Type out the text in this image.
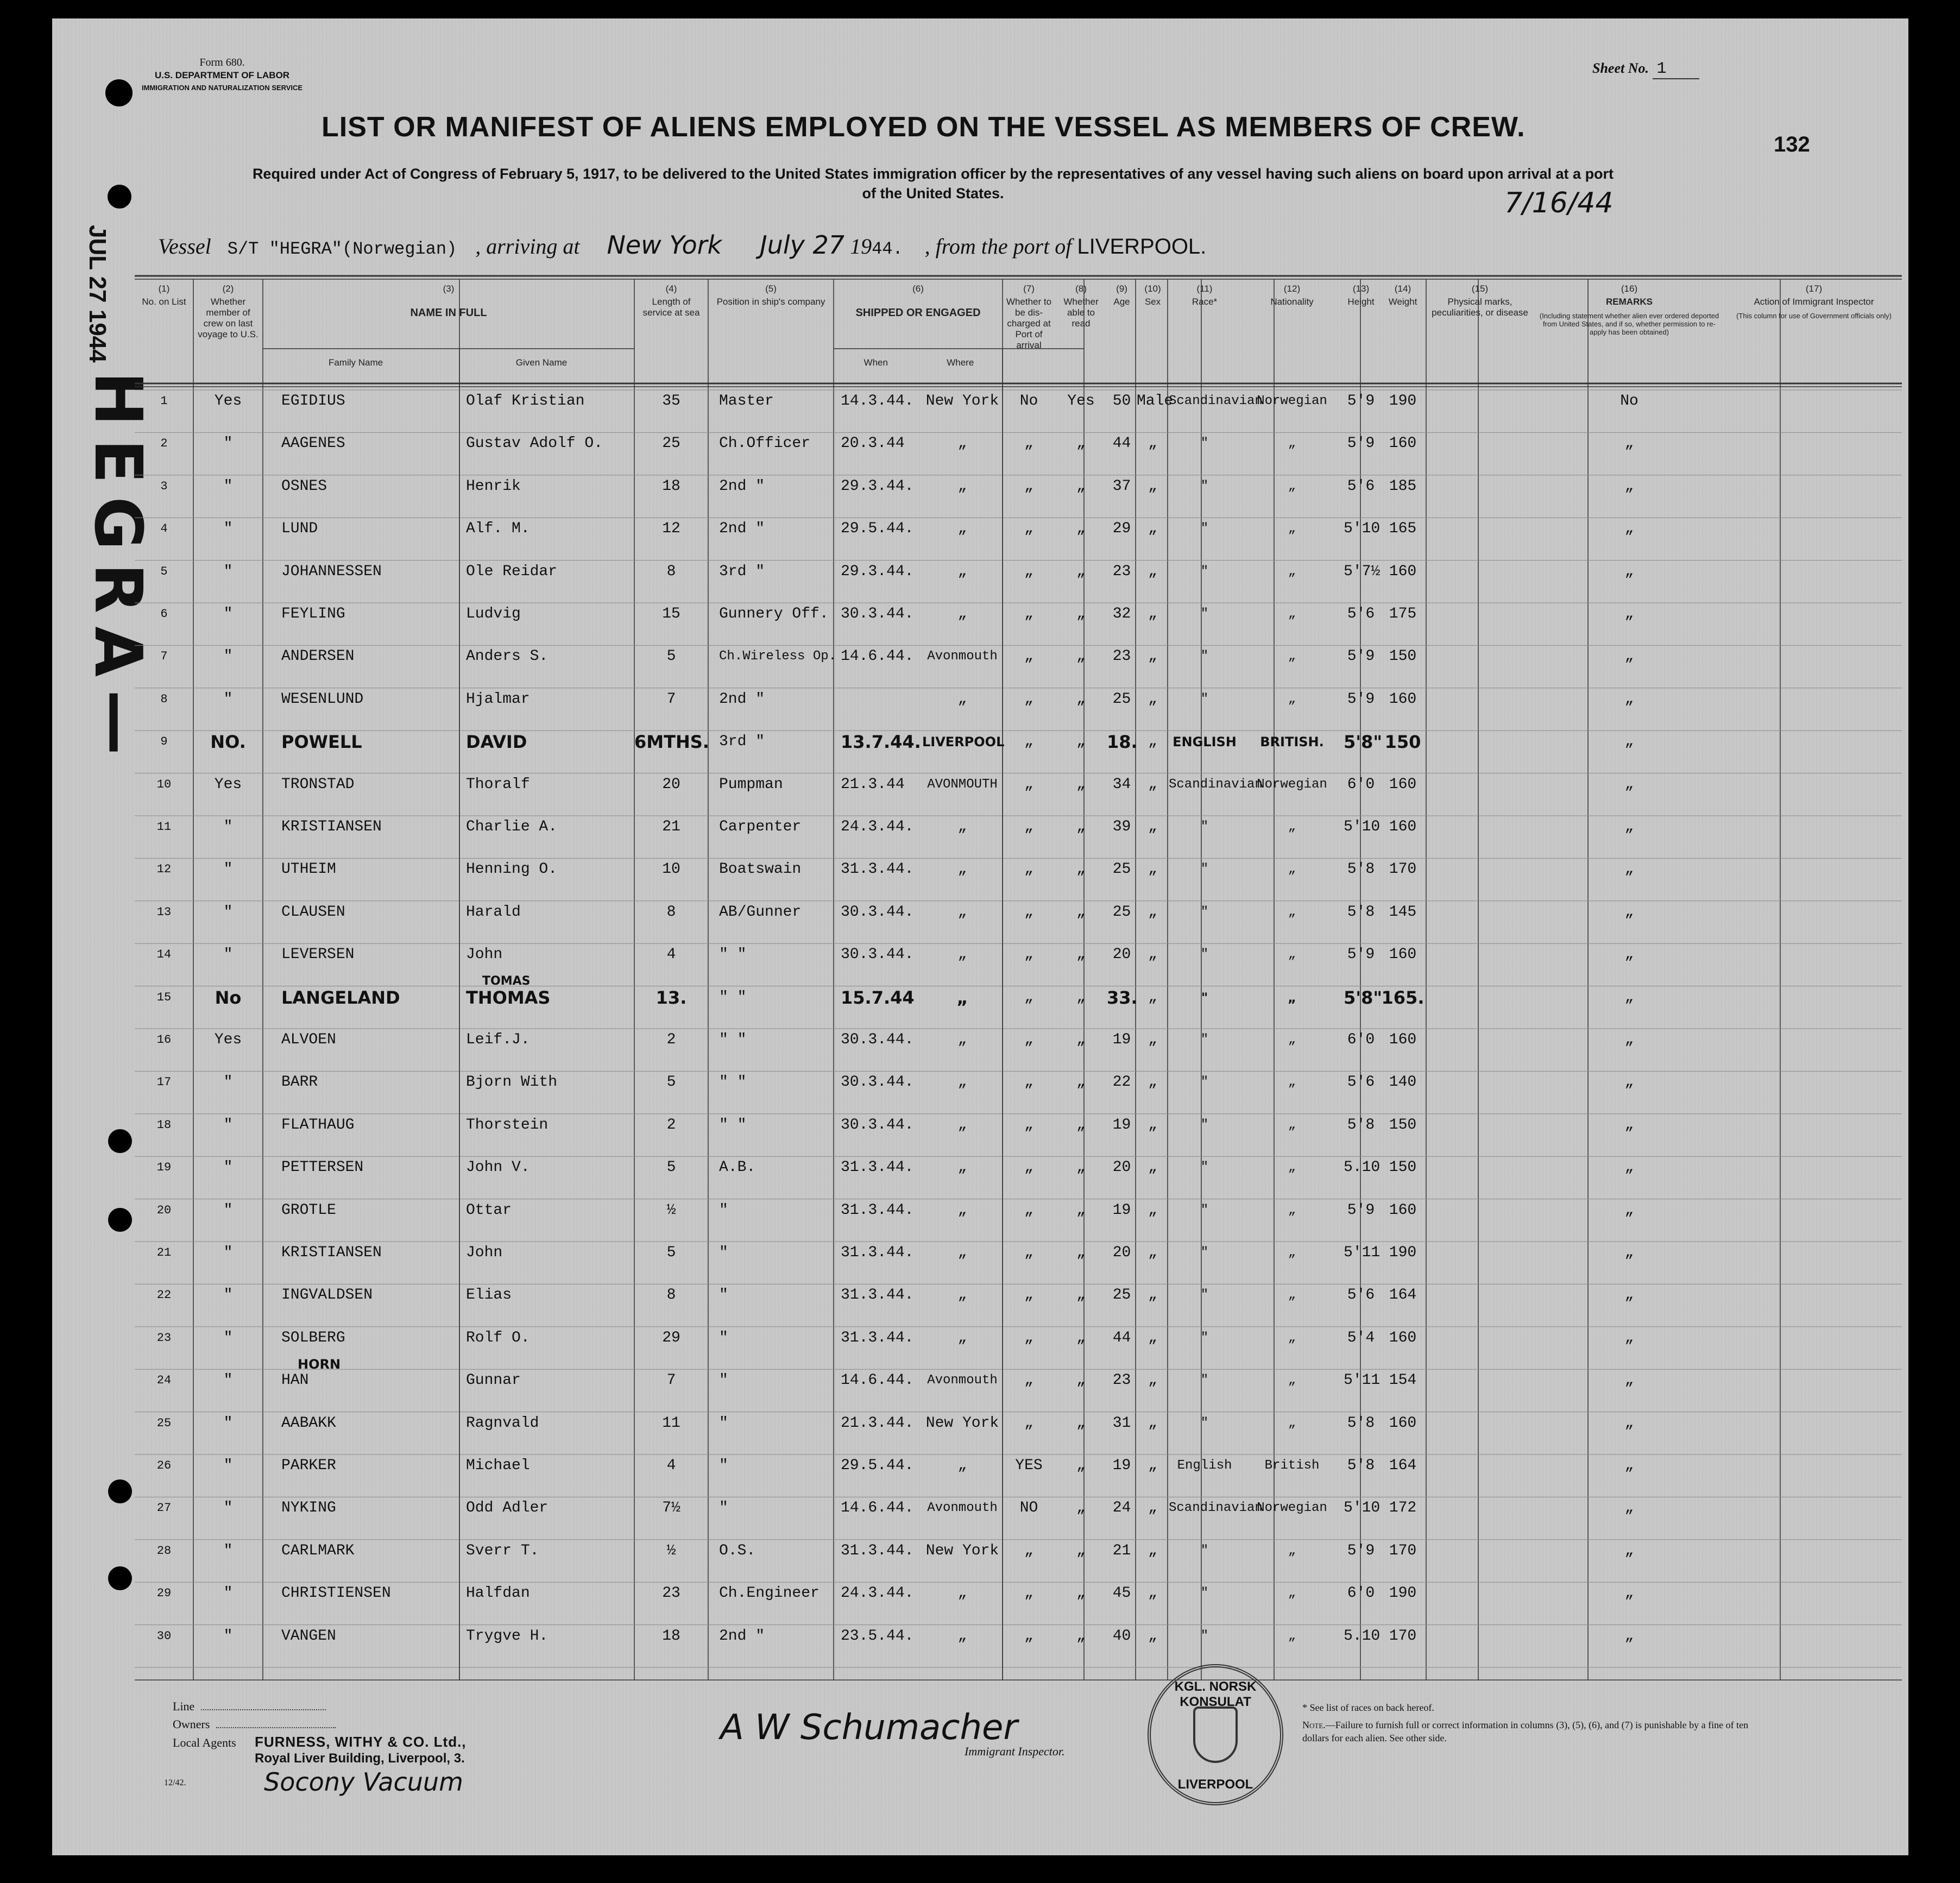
Form 680.
U.S. DEPARTMENT OF LABOR
IMMIGRATION AND NATURALIZATION SERVICE
Sheet No. 1
LIST OR MANIFEST OF ALIENS EMPLOYED ON THE VESSEL AS MEMBERS OF CREW.
132
Required under Act of Congress of February 5, 1917, to be delivered to the United States immigration officer by the representatives of any vessel having such aliens on board upon arrival at a port of the United States.	7/16/44
Vessel S/T "HEGRA"(Norwegian) , arriving at New York July 27 1944. , from the port of LIVERPOOL.
JUL 27 1944
HEGRA—
(1)
No. on List
(2)
Whether member of crew on last voyage to U.S.
(3)
NAME IN FULL
Family Name	Given Name
(4)
Length of service at sea
(5)
Position in ship's company
(6)
SHIPPED OR ENGAGED
When	Where
(7)
Whether to be dis-charged at Port of arrival
(8)
Whether able to read
(9)
Age
(10)
Sex
(11)
Race*
(12)
Nationality
(13)
Height
(14)
Weight
(15)
Physical marks, peculiarities, or disease
(16)
REMARKS
(Including statement whether alien ever ordered deported from United States, and if so, whether permission to re-apply has been obtained)
(17)
Action of Immigrant Inspector
(This column for use of Government officials only)
1	Yes	EGIDIUS	Olaf Kristian	35	Master	14.3.44. New York	No	Yes	50 Male
Scandinavian
Norwegian	5'9 190	No
2	"	AAGENES	Gustav Adolf O.	25	Ch.Officer	20.3.44	„	„	„	44	„	"	„	5'9 160	„
3	"	OSNES	Henrik	18	2nd "	29.3.44.	„	„	„	37	„	"	„	5'6 185	„
4	"	LUND	Alf. M.	12	2nd "	29.5.44.	„	„	„	29	„	"	„	5'10 165	„
5	"	JOHANNESSEN	Ole Reidar	8	3rd "	29.3.44.	„	„	„	23	„	"	„	5'7½ 160	„
6	"	FEYLING	Ludvig	15	Gunnery Off. 30.3.44.	„	„	„	32	„	"	„	5'6 175	„
7	"	ANDERSEN	Anders S.	5	Ch.Wireless Op. 14.6.44.	Avonmouth	„	„	23	„	"	„	5'9 150	„
8	"	WESENLUND	Hjalmar	7	2nd "	„	„	„	25	„	"	„	5'9 160	„
9	NO.	POWELL	DAVID	6MTHS. 3rd "	13.7.44. LIVERPOOL	„	„	18. „	ENGLISH	BRITISH.	5'8" 150	„
10	Yes	TRONSTAD	Thoralf	20	Pumpman	21.3.44	AVONMOUTH	„	„	34	„ Scandinavian
Norwegian	6'0 160	„
11	"	KRISTIANSEN	Charlie A.	21	Carpenter	24.3.44.	„	„	„	39	„	"	„	5'10 160	„
12	"	UTHEIM	Henning O.	10	Boatswain	31.3.44.	„	„	„	25	„	"	„	5'8 170	„
13	"	CLAUSEN	Harald	8	AB/Gunner	30.3.44.	„	„	„	25	„	"	„	5'8 145	„
14	"	LEVERSEN	John	4	" "	30.3.44.	„	„	„	20	„	"	„	5'9 160	„
15	No	LANGELAND	THOMAS	13.	" "	15.7.44	„	„	„	33. „	"	„	5'8"
165.	„
TOMAS
16	Yes	ALVOEN	Leif.J.	2	" "	30.3.44.	„	„	„	19	„	"	„	6'0 160	„
17	"	BARR	Bjorn With	5	" "	30.3.44.	„	„	„	22	„	"	„	5'6 140	„
18	"	FLATHAUG	Thorstein	2	" "	30.3.44.	„	„	„	19	„	"	„	5'8 150	„
19	"	PETTERSEN	John V.	5	A.B.	31.3.44.	„	„	„	20	„	"	„	5.10 150	„
20	"	GROTLE	Ottar	½	"	31.3.44.	„	„	„	19	„	"	„	5'9 160	„
21	"	KRISTIANSEN	John	5	"	31.3.44.	„	„	„	20	„	"	„	5'11 190	„
22	"	INGVALDSEN	Elias	8	"	31.3.44.	„	„	„	25	„	"	„	5'6 164	„
23	"	SOLBERG	Rolf O.	29	"	31.3.44.	„	„	„	44	„	"	„	5'4 160	„
24	"	HAN	Gunnar	7	"	14.6.44.	Avonmouth	„	„	23	„	"	„	5'11 154	„
HORN
25	"	AABAKK	Ragnvald	11	"	21.3.44. New York	„	„	31	„	"	„	5'8 160	„
26	"	PARKER	Michael	4	"	29.5.44.	„	YES	„	19	„	English	British	5'8 164	„
27	"	NYKING	Odd Adler	7½	"	14.6.44.	Avonmouth	NO	„	24	„ Scandinavian
Norwegian	5'10 172	„
28	"	CARLMARK	Sverr T.	½	O.S.	31.3.44. New York	„	„	21	„	"	„	5'9 170	„
29	"	CHRISTIENSEN	Halfdan	23	Ch.Engineer	24.3.44.	„	„	„	45	„	"	„	6'0 190	„
30	"	VANGEN	Trygve H.	18	2nd "	23.5.44.	„	„	„	40	„	"	„	5.10 170	„
Line
Owners
Local Agents FURNESS, WITHY & CO. Ltd.,
Royal Liver Building, Liverpool, 3.
Socony Vacuum
12/42.
A W Schumacher
Immigrant Inspector.
KGL. NORSK KONSULAT
LIVERPOOL
* See list of races on back hereof.
Note.—Failure to furnish full or correct information in columns (3), (5), (6), and (7) is punishable by a fine of ten dollars for each alien. See other side.
